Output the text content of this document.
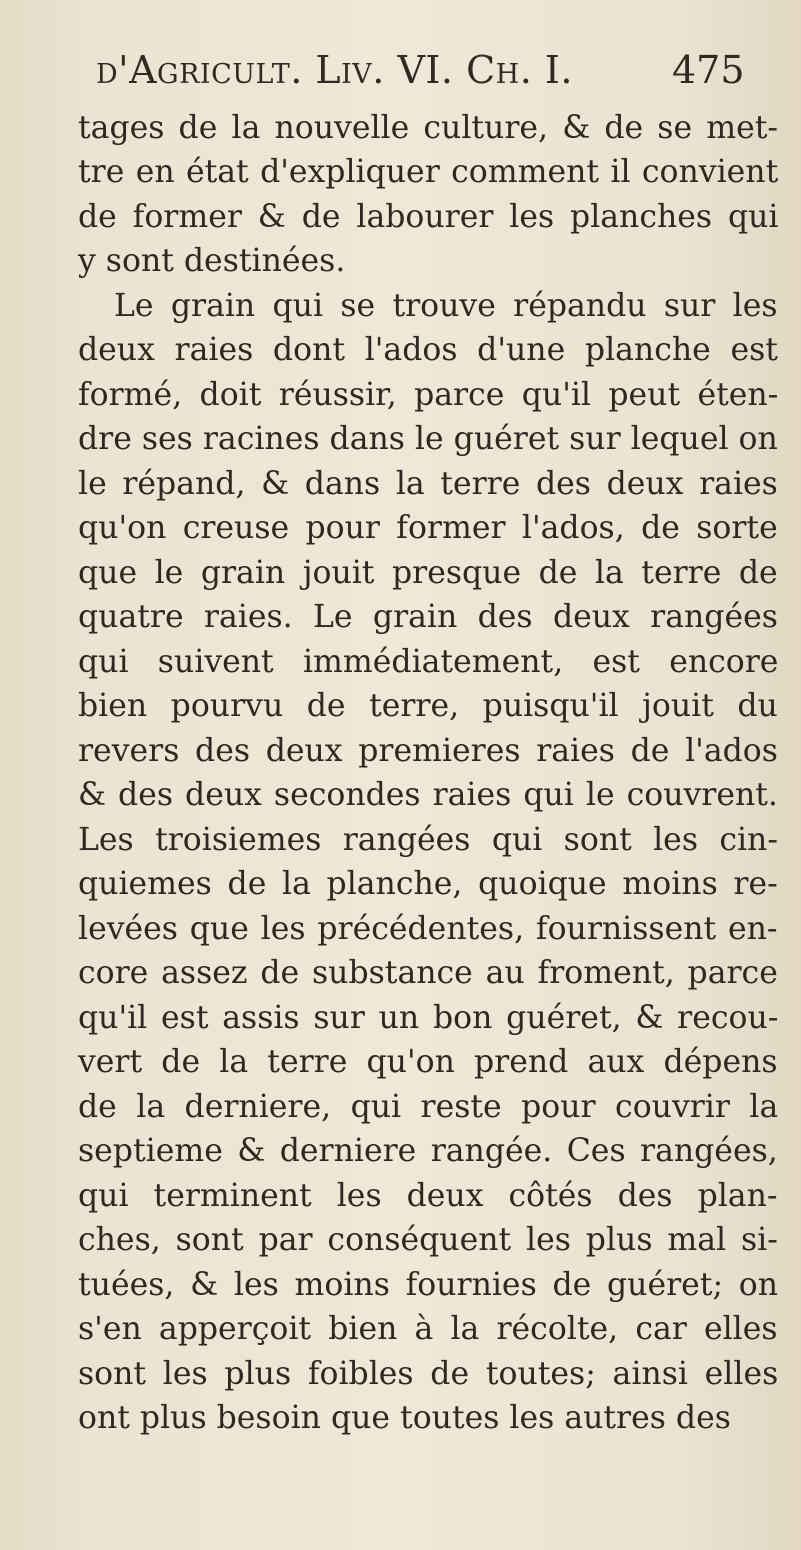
d'Agricult. Liv. VI. Ch. I.	475
tages de la nouvelle culture, & de se met-
tre en état d'expliquer comment il convient
de former & de labourer les planches qui
y sont destinées.
Le grain qui se trouve répandu sur les
deux raies dont l'ados d'une planche est
formé, doit réussir, parce qu'il peut éten-
dre ses racines dans le guéret sur lequel on
le répand, & dans la terre des deux raies
qu'on creuse pour former l'ados, de sorte
que le grain jouit presque de la terre de
quatre raies. Le grain des deux rangées
qui suivent immédiatement, est encore
bien pourvu de terre, puisqu'il jouit du
revers des deux premieres raies de l'ados
& des deux secondes raies qui le couvrent.
Les troisiemes rangées qui sont les cin-
quiemes de la planche, quoique moins re-
levées que les précédentes, fournissent en-
core assez de substance au froment, parce
qu'il est assis sur un bon guéret, & recou-
vert de la terre qu'on prend aux dépens
de la derniere, qui reste pour couvrir la
septieme & derniere rangée. Ces rangées,
qui terminent les deux côtés des plan-
ches, sont par conséquent les plus mal si-
tuées, & les moins fournies de guéret; on
s'en apperçoit bien à la récolte, car elles
sont les plus foibles de toutes; ainsi elles
ont plus besoin que toutes les autres des
